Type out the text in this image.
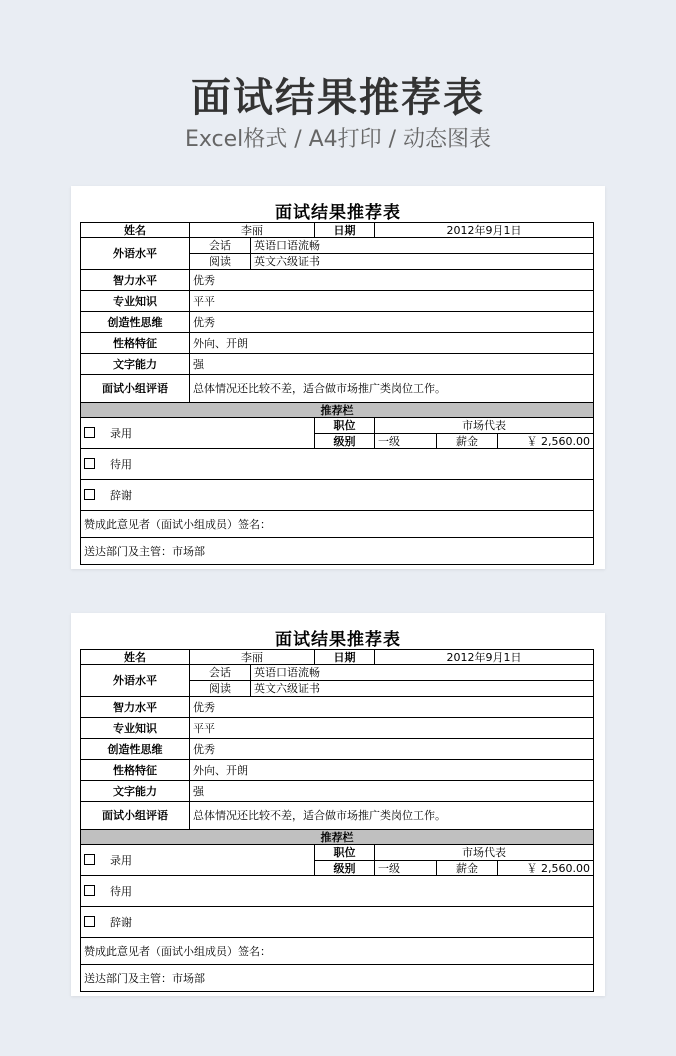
面试结果推荐表
Excel格式 / A4打印 / 动态图表
面试结果推荐表
姓名	李丽		日期	2012年9月1日		
外语水平	会话	英语口语流畅				
	阅读	英文六级证书				
智力水平	优秀					
专业知识	平平					
创造性思维	优秀					
性格特征	外向、开朗					
文字能力	强					
面试小组评语	总体情况还比较不差，适合做市场推广类岗位工作。					
推荐栏						
录用			职位	市场代表		
			级别	一级	薪金	￥ 2,560.00
待用						
辞谢						
赞成此意见者（面试小组成员）签名：						
送达部门及主管：市场部						
面试结果推荐表
姓名	李丽		日期	2012年9月1日		
外语水平	会话	英语口语流畅				
	阅读	英文六级证书				
智力水平	优秀					
专业知识	平平					
创造性思维	优秀					
性格特征	外向、开朗					
文字能力	强					
面试小组评语	总体情况还比较不差，适合做市场推广类岗位工作。					
推荐栏						
录用			职位	市场代表		
			级别	一级	薪金	￥ 2,560.00
待用						
辞谢						
赞成此意见者（面试小组成员）签名：						
送达部门及主管：市场部						
